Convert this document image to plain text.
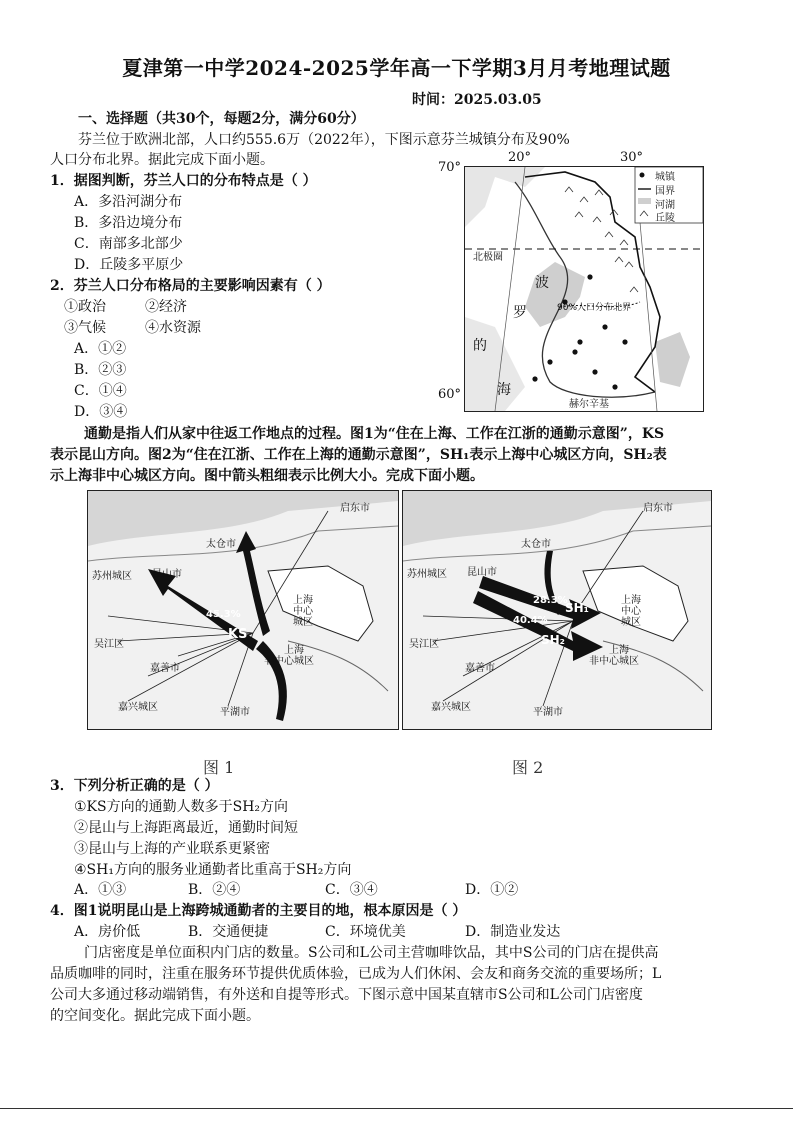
夏津第一中学2024-2025学年高一下学期3月月考地理试题
时间：2025.03.05
一、选择题（共30个，每题2分，满分60分）
芬兰位于欧洲北部，人口约555.6万（2022年），下图示意芬兰城镇分布及90%
人口分布北界。据此完成下面小题。
1．据图判断，芬兰人口的分布特点是（ ）
A．多沿河湖分布
B．多沿边境分布
C．南部多北部少
D．丘陵多平原少
2．芬兰人口分布格局的主要影响因素有（ ）
①政治	②经济
③气候	④水资源
A．①②
B．②③
C．①④
D．③④
北极圈
波
罗
的
海
90%人口分布北界
赫尔辛基
城镇
国界
河湖
丘陵
70°
60°
20°	30°
通勤是指人们从家中往返工作地点的过程。图1为“住在上海、工作在江浙的通勤示意图”，KS
表示昆山方向。图2为“住在江浙、工作在上海的通勤示意图”，SH₁表示上海中心城区方向，SH₂表
示上海非中心城区方向。图中箭头粗细表示比例大小。完成下面小题。
启东市
太仓市
苏州城区 昆山市
上海
中心
城区
吴江区
上海
非中心城区
嘉善市
嘉兴城区	平湖市
45.3%
KS
启东市
太仓市
苏州城区 昆山市
上海
中心
城区
吴江区
上海
非中心城区
嘉善市
嘉兴城区	平湖市
28.3%
SH₁
40.4%
SH₂
图 1	图 2
3．下列分析正确的是（ ）
①KS方向的通勤人数多于SH₂方向
②昆山与上海距离最近，通勤时间短
③昆山与上海的产业联系更紧密
④SH₁方向的服务业通勤者比重高于SH₂方向
A．①③	B．②④	C．③④	D．①②
4．图1说明昆山是上海跨城通勤者的主要目的地，根本原因是（ ）
A．房价低	B．交通便捷	C．环境优美	D．制造业发达
门店密度是单位面积内门店的数量。S公司和L公司主营咖啡饮品，其中S公司的门店在提供高
品质咖啡的同时，注重在服务环节提供优质体验，已成为人们休闲、会友和商务交流的重要场所；L
公司大多通过移动端销售，有外送和自提等形式。下图示意中国某直辖市S公司和L公司门店密度
的空间变化。据此完成下面小题。
